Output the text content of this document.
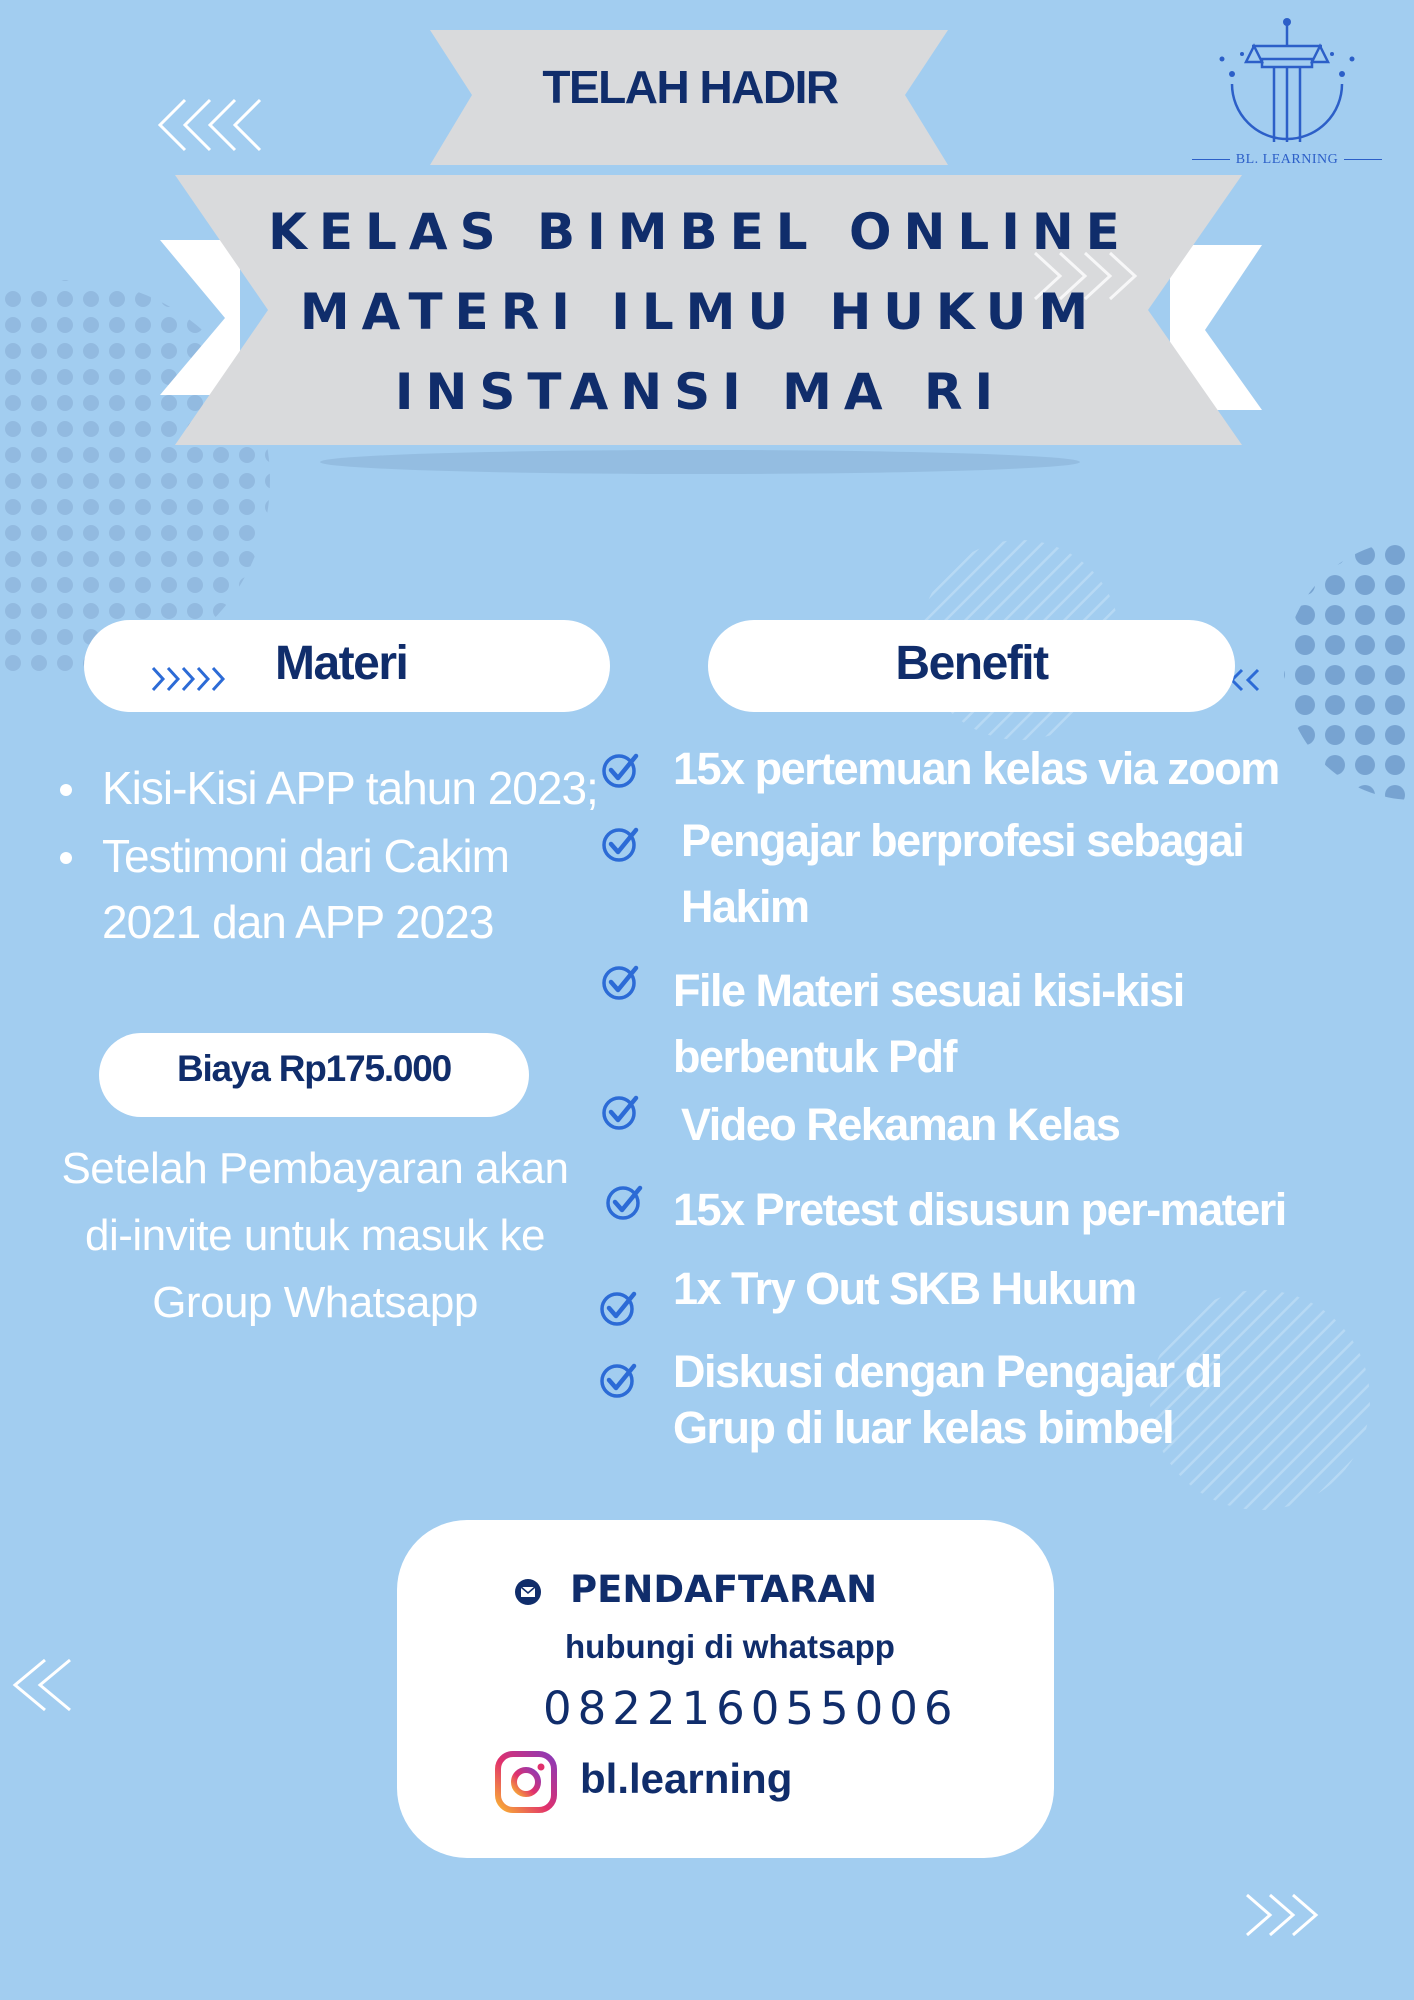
BL. LEARNING
TELAH HADIR
KELAS BIMBEL ONLINE
MATERI ILMU HUKUM
INSTANSI MA RI
Materi	Benefit
Kisi-Kisi APP tahun 2023;
Testimoni dari Cakim 2021 dan APP 2023
Biaya Rp175.000
Setelah Pembayaran akan di-invite untuk masuk ke Group Whatsapp
15x pertemuan kelas via zoom
Pengajar berprofesi sebagai Hakim
File Materi sesuai kisi-kisi berbentuk Pdf
Video Rekaman Kelas
15x Pretest disusun per-materi
1x Try Out SKB Hukum
Diskusi dengan Pengajar di Grup di luar kelas bimbel
PENDAFTARAN
hubungi di whatsapp
082216055006
bl.learning
